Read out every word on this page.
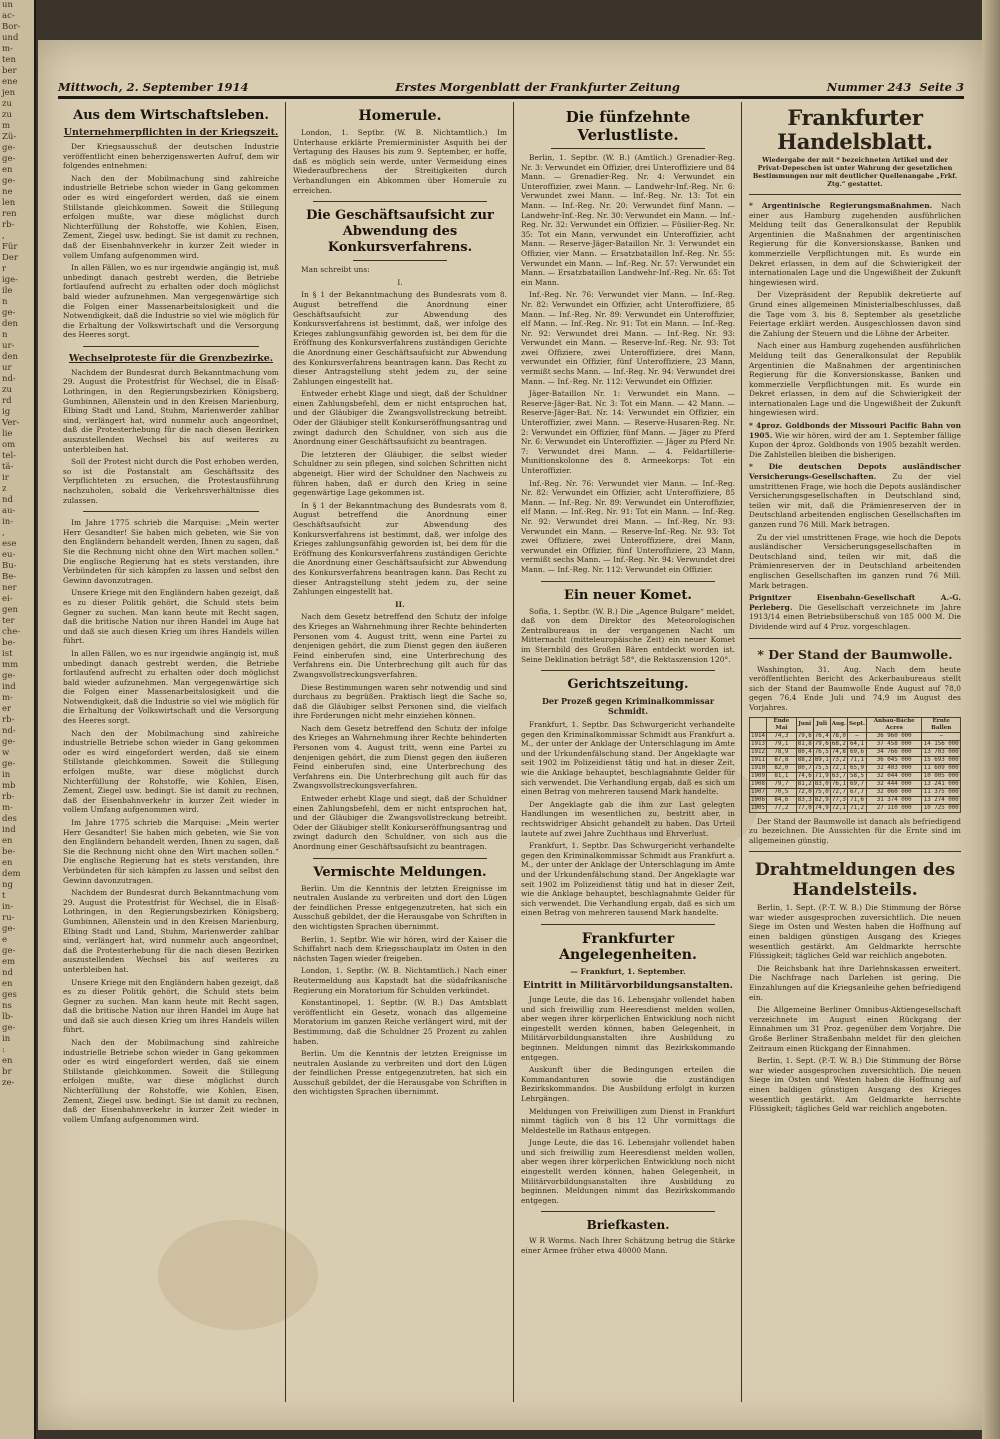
un
ac-
Bor-
und
m-
ten
ber
ene
jen
zu
zu
m
Zü-
ge-
ge-
en
ge-
ne
len
ren
rb-
,
Für
Der
r
ige-
ile
n
ge-
den
n
ur-
den
ur
nd-
zu
rd
ig
Ver-
lie
om
tel-
tä-
ir
z
nd
au-
in-
,
ese
eu-
Bu-
Be-
ner
ei-
gen
ter
che-
be-
ist
mm
ge-
ind
m-
er
rb-
nd-
ge-
w
ge-
in
mb
rb-
m-
des
ind
en
be-
en
dem
ng
t
in-
ru-
ge-
e
ge-
em
nd
en
ges
ns
lb-
ge-
in
:
en
br
ze-
Mittwoch, 2. September 1914	Erstes Morgenblatt der Frankfurter Zeitung	Nummer 243 Seite 3
Aus dem Wirtschaftsleben.
Unternehmerpflichten in der Kriegszeit.

Der Kriegsausschuß der deutschen Industrie veröffentlicht einen beherzigenswerten Aufruf, dem wir folgendes entnehmen:

Nach den der Mobilmachung sind zahlreiche industrielle Betriebe schon wieder in Gang gekommen oder es wird eingefordert werden, daß sie einem Stillstande gleichkommen. Soweit die Stillegung erfolgen mußte, war diese möglichst durch Nichterfüllung der Rohstoffe, wie Kohlen, Eisen, Zement, Ziegel usw. bedingt. Sie ist damit zu rechnen, daß der Eisenbahnverkehr in kurzer Zeit wieder in vollem Umfang aufgenommen wird.

In allen Fällen, wo es nur irgendwie angängig ist, muß unbedingt danach gestrebt werden, die Betriebe fortlaufend aufrecht zu erhalten oder doch möglichst bald wieder aufzunehmen. Man vergegenwärtige sich die Folgen einer Massenarbeitslosigkeit und die Notwendigkeit, daß die Industrie so viel wie möglich für die Erhaltung der Volkswirtschaft und die Versorgung des Heeres sorgt.

Wechselproteste für die Grenzbezirke.

Nachdem der Bundesrat durch Bekanntmachung vom 29. August die Protestfrist für Wechsel, die in Elsaß-Lothringen, in den Regierungsbezirken Königsberg, Gumbinnen, Allenstein und in den Kreisen Marienburg, Elbing Stadt und Land, Stuhm, Marienwerder zahlbar sind, verlängert hat, wird nunmehr auch angeordnet, daß die Protesterhebung für die nach diesen Bezirken auszustellenden Wechsel bis auf weiteres zu unterbleiben hat.

Soll der Protest nicht durch die Post erhoben werden, so ist die Postanstalt am Geschäftssitz des Verpflichteten zu ersuchen, die Protestausführung nachzuholen, sobald die Verkehrsverhältnisse dies zulassen.

Im Jahre 1775 schrieb die Marquise: „Mein werter Herr Gesandter! Sie haben mich gebeten, wie Sie von den Engländern behandelt werden, Ihnen zu sagen, daß Sie die Rechnung nicht ohne den Wirt machen sollen.“ Die englische Regierung hat es stets verstanden, ihre Verbündeten für sich kämpfen zu lassen und selbst den Gewinn davonzutragen.

Unsere Kriege mit den Engländern haben gezeigt, daß es zu dieser Politik gehört, die Schuld stets beim Gegner zu suchen. Man kann heute mit Recht sagen, daß die britische Nation nur ihren Handel im Auge hat und daß sie auch diesen Krieg um ihres Handels willen führt.

In allen Fällen, wo es nur irgendwie angängig ist, muß unbedingt danach gestrebt werden, die Betriebe fortlaufend aufrecht zu erhalten oder doch möglichst bald wieder aufzunehmen. Man vergegenwärtige sich die Folgen einer Massenarbeitslosigkeit und die Notwendigkeit, daß die Industrie so viel wie möglich für die Erhaltung der Volkswirtschaft und die Versorgung des Heeres sorgt.

Nach den der Mobilmachung sind zahlreiche industrielle Betriebe schon wieder in Gang gekommen oder es wird eingefordert werden, daß sie einem Stillstande gleichkommen. Soweit die Stillegung erfolgen mußte, war diese möglichst durch Nichterfüllung der Rohstoffe, wie Kohlen, Eisen, Zement, Ziegel usw. bedingt. Sie ist damit zu rechnen, daß der Eisenbahnverkehr in kurzer Zeit wieder in vollem Umfang aufgenommen wird.

Im Jahre 1775 schrieb die Marquise: „Mein werter Herr Gesandter! Sie haben mich gebeten, wie Sie von den Engländern behandelt werden, Ihnen zu sagen, daß Sie die Rechnung nicht ohne den Wirt machen sollen.“ Die englische Regierung hat es stets verstanden, ihre Verbündeten für sich kämpfen zu lassen und selbst den Gewinn davonzutragen.

Nachdem der Bundesrat durch Bekanntmachung vom 29. August die Protestfrist für Wechsel, die in Elsaß-Lothringen, in den Regierungsbezirken Königsberg, Gumbinnen, Allenstein und in den Kreisen Marienburg, Elbing Stadt und Land, Stuhm, Marienwerder zahlbar sind, verlängert hat, wird nunmehr auch angeordnet, daß die Protesterhebung für die nach diesen Bezirken auszustellenden Wechsel bis auf weiteres zu unterbleiben hat.

Unsere Kriege mit den Engländern haben gezeigt, daß es zu dieser Politik gehört, die Schuld stets beim Gegner zu suchen. Man kann heute mit Recht sagen, daß die britische Nation nur ihren Handel im Auge hat und daß sie auch diesen Krieg um ihres Handels willen führt.

Nach den der Mobilmachung sind zahlreiche industrielle Betriebe schon wieder in Gang gekommen oder es wird eingefordert werden, daß sie einem Stillstande gleichkommen. Soweit die Stillegung erfolgen mußte, war diese möglichst durch Nichterfüllung der Rohstoffe, wie Kohlen, Eisen, Zement, Ziegel usw. bedingt. Sie ist damit zu rechnen, daß der Eisenbahnverkehr in kurzer Zeit wieder in vollem Umfang aufgenommen wird.

Homerule.

London, 1. Septbr. (W. B. Nichtamtlich.) Im Unterhause erklärte Premierminister Asquith bei der Vertagung des Hauses bis zum 9. September, er hoffe, daß es möglich sein werde, unter Vermeidung eines Wiederaufbrechens der Streitigkeiten durch Verhandlungen ein Abkommen über Homerule zu erreichen.

Die Geschäftsaufsicht zur Abwendung des Konkursverfahrens.

Man schreibt uns:

I.

In § 1 der Bekanntmachung des Bundesrats vom 8. August betreffend die Anordnung einer Geschäftsaufsicht zur Abwendung des Konkursverfahrens ist bestimmt, daß, wer infolge des Krieges zahlungsunfähig geworden ist, bei dem für die Eröffnung des Konkursverfahrens zuständigen Gerichte die Anordnung einer Geschäftsaufsicht zur Abwendung des Konkursverfahrens beantragen kann. Das Recht zu dieser Antragstellung steht jedem zu, der seine Zahlungen eingestellt hat.

Entweder erhebt Klage und siegt, daß der Schuldner einen Zahlungsbefehl, dem er nicht entsprochen hat, und der Gläubiger die Zwangsvollstreckung betreibt. Oder der Gläubiger stellt Konkurseröffnungsantrag und zwingt dadurch den Schuldner, von sich aus die Anordnung einer Geschäftsaufsicht zu beantragen.

Die letzteren der Gläubiger, die selbst wieder Schuldner zu sein pflegen, sind solchen Schritten nicht abgeneigt. Hier wird der Schuldner den Nachweis zu führen haben, daß er durch den Krieg in seine gegenwärtige Lage gekommen ist.

In § 1 der Bekanntmachung des Bundesrats vom 8. August betreffend die Anordnung einer Geschäftsaufsicht zur Abwendung des Konkursverfahrens ist bestimmt, daß, wer infolge des Krieges zahlungsunfähig geworden ist, bei dem für die Eröffnung des Konkursverfahrens zuständigen Gerichte die Anordnung einer Geschäftsaufsicht zur Abwendung des Konkursverfahrens beantragen kann. Das Recht zu dieser Antragstellung steht jedem zu, der seine Zahlungen eingestellt hat.

II.

Nach dem Gesetz betreffend den Schutz der infolge des Krieges an Wahrnehmung ihrer Rechte behinderten Personen vom 4. August tritt, wenn eine Partei zu denjenigen gehört, die zum Dienst gegen den äußeren Feind einberufen sind, eine Unterbrechung des Verfahrens ein. Die Unterbrechung gilt auch für das Zwangsvollstreckungsverfahren.

Diese Bestimmungen waren sehr notwendig und sind durchaus zu begrüßen. Praktisch liegt die Sache so, daß die Gläubiger selbst Personen sind, die vielfach ihre Forderungen nicht mehr einziehen können.

Nach dem Gesetz betreffend den Schutz der infolge des Krieges an Wahrnehmung ihrer Rechte behinderten Personen vom 4. August tritt, wenn eine Partei zu denjenigen gehört, die zum Dienst gegen den äußeren Feind einberufen sind, eine Unterbrechung des Verfahrens ein. Die Unterbrechung gilt auch für das Zwangsvollstreckungsverfahren.

Entweder erhebt Klage und siegt, daß der Schuldner einen Zahlungsbefehl, dem er nicht entsprochen hat, und der Gläubiger die Zwangsvollstreckung betreibt. Oder der Gläubiger stellt Konkurseröffnungsantrag und zwingt dadurch den Schuldner, von sich aus die Anordnung einer Geschäftsaufsicht zu beantragen.

Vermischte Meldungen.

Berlin. Um die Kenntnis der letzten Ereignisse im neutralen Auslande zu verbreiten und dort den Lügen der feindlichen Presse entgegenzutreten, hat sich ein Ausschuß gebildet, der die Herausgabe von Schriften in den wichtigsten Sprachen übernimmt.

Berlin, 1. Septbr. Wie wir hören, wird der Kaiser die Schiffahrt nach dem Kriegsschauplatz im Osten in den nächsten Tagen wieder freigeben.

London, 1. Septbr. (W. B. Nichtamtlich.) Nach einer Reutermeldung aus Kapstadt hat die südafrikanische Regierung ein Moratorium für Schulden verkündet.

Konstantinopel, 1. Septbr. (W. B.) Das Amtsblatt veröffentlicht ein Gesetz, wonach das allgemeine Moratorium im ganzen Reiche verlängert wird, mit der Bestimmung, daß die Schuldner 25 Prozent zu zahlen haben.

Berlin. Um die Kenntnis der letzten Ereignisse im neutralen Auslande zu verbreiten und dort den Lügen der feindlichen Presse entgegenzutreten, hat sich ein Ausschuß gebildet, der die Herausgabe von Schriften in den wichtigsten Sprachen übernimmt.

Die fünfzehnte Verlustliste.

Berlin, 1. Septbr. (W. B.) (Amtlich.) Grenadier-Reg. Nr. 3: Verwundet ein Offizier, drei Unteroffiziere und 84 Mann. — Grenadier-Reg. Nr. 4: Verwundet ein Unteroffizier, zwei Mann. — Landwehr-Inf.-Reg. Nr. 6: Verwundet zwei Mann. — Inf.-Reg. Nr. 13: Tot ein Mann. — Inf.-Reg. Nr. 20: Verwundet fünf Mann. — Landwehr-Inf.-Reg. Nr. 30: Verwundet ein Mann. — Inf.-Reg. Nr. 32: Verwundet ein Offizier. — Füsilier-Reg. Nr. 35: Tot ein Mann, verwundet ein Unteroffizier, acht Mann. — Reserve-Jäger-Bataillon Nr. 3: Verwundet ein Offizier, vier Mann. — Ersatzbataillon Inf.-Reg. Nr. 55: Verwundet ein Mann. — Inf.-Reg. Nr. 57: Verwundet ein Mann. — Ersatzbataillon Landwehr-Inf.-Reg. Nr. 65: Tot ein Mann.

Inf.-Reg. Nr. 76: Verwundet vier Mann. — Inf.-Reg. Nr. 82: Verwundet ein Offizier, acht Unteroffiziere, 85 Mann. — Inf.-Reg. Nr. 89: Verwundet ein Unteroffizier, elf Mann. — Inf.-Reg. Nr. 91: Tot ein Mann. — Inf.-Reg. Nr. 92: Verwundet drei Mann. — Inf.-Reg. Nr. 93: Verwundet ein Mann. — Reserve-Inf.-Reg. Nr. 93: Tot zwei Offiziere, zwei Unteroffiziere, drei Mann, verwundet ein Offizier, fünf Unteroffiziere, 23 Mann, vermißt sechs Mann. — Inf.-Reg. Nr. 94: Verwundet drei Mann. — Inf.-Reg. Nr. 112: Verwundet ein Offizier.

Jäger-Bataillon Nr. 1: Verwundet ein Mann. — Reserve-Jäger-Bat. Nr. 3: Tot ein Mann. — 42 Mann. — Reserve-Jäger-Bat. Nr. 14: Verwundet ein Offizier, ein Unteroffizier, zwei Mann. — Reserve-Husaren-Reg. Nr. 2: Verwundet ein Offizier, fünf Mann. — Jäger zu Pferd Nr. 6: Verwundet ein Unteroffizier. — Jäger zu Pferd Nr. 7: Verwundet drei Mann. — 4. Feldartillerie-Munitionskolonne des 8. Armeekorps: Tot ein Unteroffizier.

Inf.-Reg. Nr. 76: Verwundet vier Mann. — Inf.-Reg. Nr. 82: Verwundet ein Offizier, acht Unteroffiziere, 85 Mann. — Inf.-Reg. Nr. 89: Verwundet ein Unteroffizier, elf Mann. — Inf.-Reg. Nr. 91: Tot ein Mann. — Inf.-Reg. Nr. 92: Verwundet drei Mann. — Inf.-Reg. Nr. 93: Verwundet ein Mann. — Reserve-Inf.-Reg. Nr. 93: Tot zwei Offiziere, zwei Unteroffiziere, drei Mann, verwundet ein Offizier, fünf Unteroffiziere, 23 Mann, vermißt sechs Mann. — Inf.-Reg. Nr. 94: Verwundet drei Mann. — Inf.-Reg. Nr. 112: Verwundet ein Offizier.

Ein neuer Komet.

Sofia, 1. Septbr. (W. B.) Die „Agence Bulgare“ meldet, daß von dem Direktor des Meteorologischen Zentralbureaus in der vergangenen Nacht um Mitternacht (mitteleuropäische Zeit) ein neuer Komet im Sternbild des Großen Bären entdeckt worden ist. Seine Deklination beträgt 58°, die Rektaszension 120°.

Gerichtszeitung.
Der Prozeß gegen Kriminalkommissar Schmidt.

Frankfurt, 1. Septbr. Das Schwurgericht verhandelte gegen den Kriminalkommissar Schmidt aus Frankfurt a. M., der unter der Anklage der Unterschlagung im Amte und der Urkundenfälschung stand. Der Angeklagte war seit 1902 im Polizeidienst tätig und hat in dieser Zeit, wie die Anklage behauptet, beschlagnahmte Gelder für sich verwendet. Die Verhandlung ergab, daß es sich um einen Betrag von mehreren tausend Mark handelte.

Der Angeklagte gab die ihm zur Last gelegten Handlungen im wesentlichen zu, bestritt aber, in rechtswidriger Absicht gehandelt zu haben. Das Urteil lautete auf zwei Jahre Zuchthaus und Ehrverlust.

Frankfurt, 1. Septbr. Das Schwurgericht verhandelte gegen den Kriminalkommissar Schmidt aus Frankfurt a. M., der unter der Anklage der Unterschlagung im Amte und der Urkundenfälschung stand. Der Angeklagte war seit 1902 im Polizeidienst tätig und hat in dieser Zeit, wie die Anklage behauptet, beschlagnahmte Gelder für sich verwendet. Die Verhandlung ergab, daß es sich um einen Betrag von mehreren tausend Mark handelte.

Frankfurter Angelegenheiten.

— Frankfurt, 1. September.

Eintritt in Militärvorbildungsanstalten.

Junge Leute, die das 16. Lebensjahr vollendet haben und sich freiwillig zum Heeresdienst melden wollen, aber wegen ihrer körperlichen Entwicklung noch nicht eingestellt werden können, haben Gelegenheit, in Militärvorbildungsanstalten ihre Ausbildung zu beginnen. Meldungen nimmt das Bezirkskommando entgegen.

Auskunft über die Bedingungen erteilen die Kommandanturen sowie die zuständigen Bezirkskommandos. Die Ausbildung erfolgt in kurzen Lehrgängen.

Meldungen von Freiwilligen zum Dienst in Frankfurt nimmt täglich von 8 bis 12 Uhr vormittags die Meldestelle im Rathaus entgegen.

Junge Leute, die das 16. Lebensjahr vollendet haben und sich freiwillig zum Heeresdienst melden wollen, aber wegen ihrer körperlichen Entwicklung noch nicht eingestellt werden können, haben Gelegenheit, in Militärvorbildungsanstalten ihre Ausbildung zu beginnen. Meldungen nimmt das Bezirkskommando entgegen.

Briefkasten.

W R Worms. Nach Ihrer Schätzung betrug die Stärke einer Armee früher etwa 40000 Mann.

Frankfurter Handelsblatt.

Wiedergabe der mit * bezeichneten Artikel und der Privat-Depeschen ist unter Wahrung der gesetzlichen Bestimmungen nur mit deutlicher Quellenangabe „Frkf. Ztg.“ gestattet.

* Argentinische Regierungsmaßnahmen. Nach einer aus Hamburg zugehenden ausführlichen Meldung teilt das Generalkonsulat der Republik Argentinien die Maßnahmen der argentinischen Regierung für die Konversionskasse, Banken und kommerzielle Verpflichtungen mit. Es wurde ein Dekret erlassen, in dem auf die Schwierigkeit der internationalen Lage und die Ungewißheit der Zukunft hingewiesen wird.

Der Vizepräsident der Republik dekretierte auf Grund eines allgemeinen Ministerialbeschlusses, daß die Tage vom 3. bis 8. September als gesetzliche Feiertage erklärt werden. Ausgeschlossen davon sind die Zahlung der Steuern und die Löhne der Arbeiter.

Nach einer aus Hamburg zugehenden ausführlichen Meldung teilt das Generalkonsulat der Republik Argentinien die Maßnahmen der argentinischen Regierung für die Konversionskasse, Banken und kommerzielle Verpflichtungen mit. Es wurde ein Dekret erlassen, in dem auf die Schwierigkeit der internationalen Lage und die Ungewißheit der Zukunft hingewiesen wird.

* 4proz. Goldbonds der Missouri Pacific Bahn von 1905. Wie wir hören, wird der am 1. September fällige Kupon der 4proz. Goldbonds von 1905 bezahlt werden. Die Zahlstellen bleiben die bisherigen.

* Die deutschen Depots ausländischer Versicherungs-Gesellschaften. Zu der viel umstrittenen Frage, wie hoch die Depots ausländischer Versicherungsgesellschaften in Deutschland sind, teilen wir mit, daß die Prämienreserven der in Deutschland arbeitenden englischen Gesellschaften im ganzen rund 76 Mill. Mark betragen.

Zu der viel umstrittenen Frage, wie hoch die Depots ausländischer Versicherungsgesellschaften in Deutschland sind, teilen wir mit, daß die Prämienreserven der in Deutschland arbeitenden englischen Gesellschaften im ganzen rund 76 Mill. Mark betragen.

Prignitzer Eisenbahn-Gesellschaft A.-G. Perleberg. Die Gesellschaft verzeichnete im Jahre 1913/14 einen Betriebsüberschuß von 185 000 M. Die Dividende wird auf 4 Proz. vorgeschlagen.

* Der Stand der Baumwolle.

Washington, 31. Aug. Nach dem heute veröffentlichten Bericht des Ackerbaubureaus stellt sich der Stand der Baumwolle Ende August auf 78,0 gegen 76,4 Ende Juli und 74,9 im August des Vorjahres.

	Ende Mai	Juni	Juli	Aug.	Sept.	Anbau-fläche Acres	Ernte Ballen
1914	74,3	79,6	76,4	78,0	—	36 960 000	—
1913	79,1	81,8	79,6	68,2	64,1	37 458 000	14 156 000
1912	78,9	80,4	76,5	74,8	69,6	34 766 000	13 703 000
1911	87,8	88,2	89,1	73,2	71,1	36 045 000	15 693 000
1910	82,0	80,7	75,5	72,1	65,9	32 403 000	11 609 000
1909	81,1	74,6	71,9	63,7	58,5	32 044 000	10 005 000
1908	79,7	81,2	83,0	76,1	69,7	32 444 000	13 241 000
1907	70,5	72,0	75,0	72,7	67,7	32 060 000	11 375 000
1906	84,6	83,3	82,9	77,3	71,6	31 374 000	13 274 000
1905	77,2	77,0	74,9	72,1	71,2	27 110 000	10 725 000

Der Stand der Baumwolle ist danach als befriedigend zu bezeichnen. Die Aussichten für die Ernte sind im allgemeinen günstig.

Drahtmeldungen des Handelsteils.

Berlin, 1. Sept. (P.-T. W. B.) Die Stimmung der Börse war wieder ausgesprochen zuversichtlich. Die neuen Siege im Osten und Westen haben die Hoffnung auf einen baldigen günstigen Ausgang des Krieges wesentlich gestärkt. Am Geldmarkte herrschte Flüssigkeit; tägliches Geld war reichlich angeboten.

Die Reichsbank hat ihre Darlehnskassen erweitert. Die Nachfrage nach Darlehen ist gering. Die Einzahlungen auf die Kriegsanleihe gehen befriedigend ein.

Die Allgemeine Berliner Omnibus-Aktiengesellschaft verzeichnete im August einen Rückgang der Einnahmen um 31 Proz. gegenüber dem Vorjahre. Die Große Berliner Straßenbahn meldet für den gleichen Zeitraum einen Rückgang der Einnahmen.

Berlin, 1. Sept. (P.-T. W. B.) Die Stimmung der Börse war wieder ausgesprochen zuversichtlich. Die neuen Siege im Osten und Westen haben die Hoffnung auf einen baldigen günstigen Ausgang des Krieges wesentlich gestärkt. Am Geldmarkte herrschte Flüssigkeit; tägliches Geld war reichlich angeboten.
